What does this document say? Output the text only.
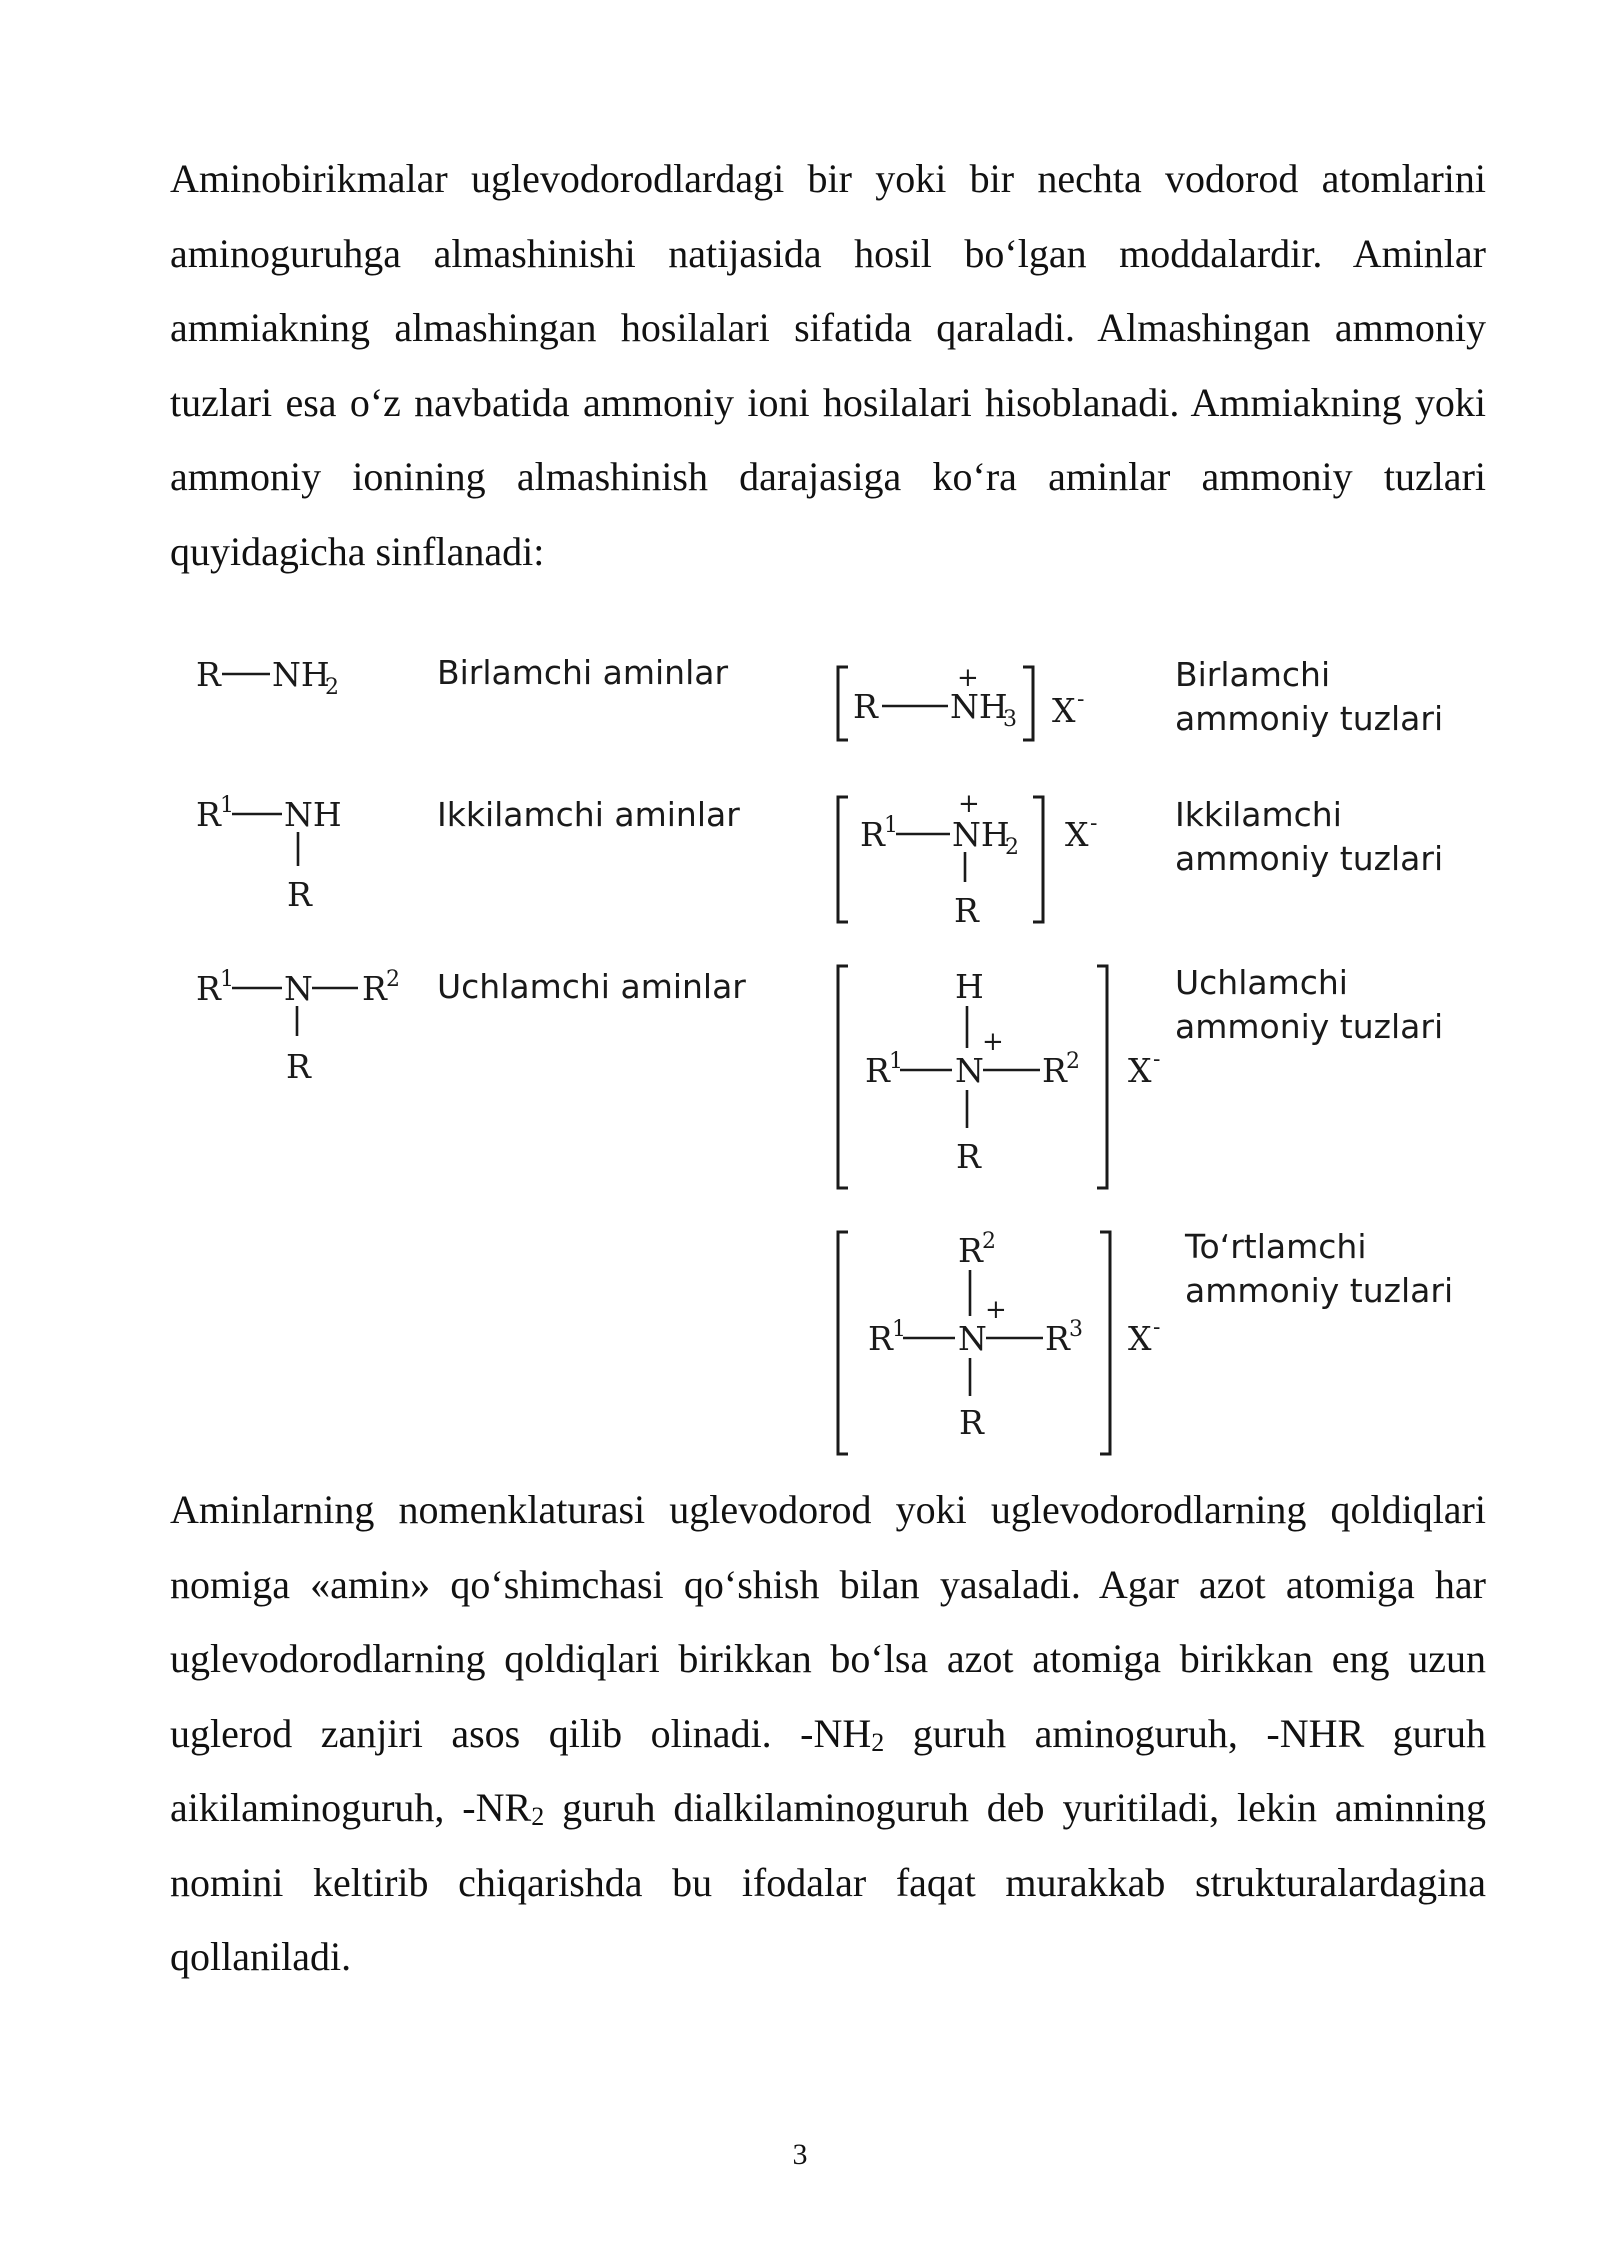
Aminobirikmalar uglevodorodlardagi bir yoki bir nechta vodorod atomlarini aminoguruhga almashinishi natijasida hosil bo‘lgan moddalardir. Aminlar ammiakning almashingan hosilalari sifatida qaraladi. Almashingan ammoniy tuzlari esa o‘z navbatida ammoniy ioni hosilalari hisoblanadi. Ammiakning yoki ammoniy ionining almashinish darajasiga ko‘ra aminlar ammoniy tuzlari quyidagicha sinflanadi:

R NH
2	Birlamchi aminlar
R NH
3
+
X -
Birlamchi
ammoniy tuzlari
R 1 NH
R
Ikkilamchi aminlar
R 1 NH
2
+
R
X - Ikkilamchi
ammoniy tuzlari
R 1 N R 2
R
Uchlamchi aminlar	H
+
R 1 N R 2
R
X -
Uchlamchi
ammoniy tuzlari
R 2
+
R 1 N R 3
R
X -
To‘rtlamchi
ammoniy tuzlari

Aminlarning nomenklaturasi uglevodorod yoki uglevodorodlarning qoldiqlari nomiga «amin» qo‘shimchasi qo‘shish bilan yasaladi. Agar azot atomiga har uglevodorodlarning qoldiqlari birikkan bo‘lsa azot atomiga birikkan eng uzun uglerod zanjiri asos qilib olinadi. $-NH_2$ guruh aminoguruh, -NHR guruh aikilaminoguruh, $-NR_2$ guruh dialkilaminoguruh deb yuritiladi, lekin aminning nomini keltirib chiqarishda bu ifodalar faqat murakkab strukturalardagina qollaniladi.

3
